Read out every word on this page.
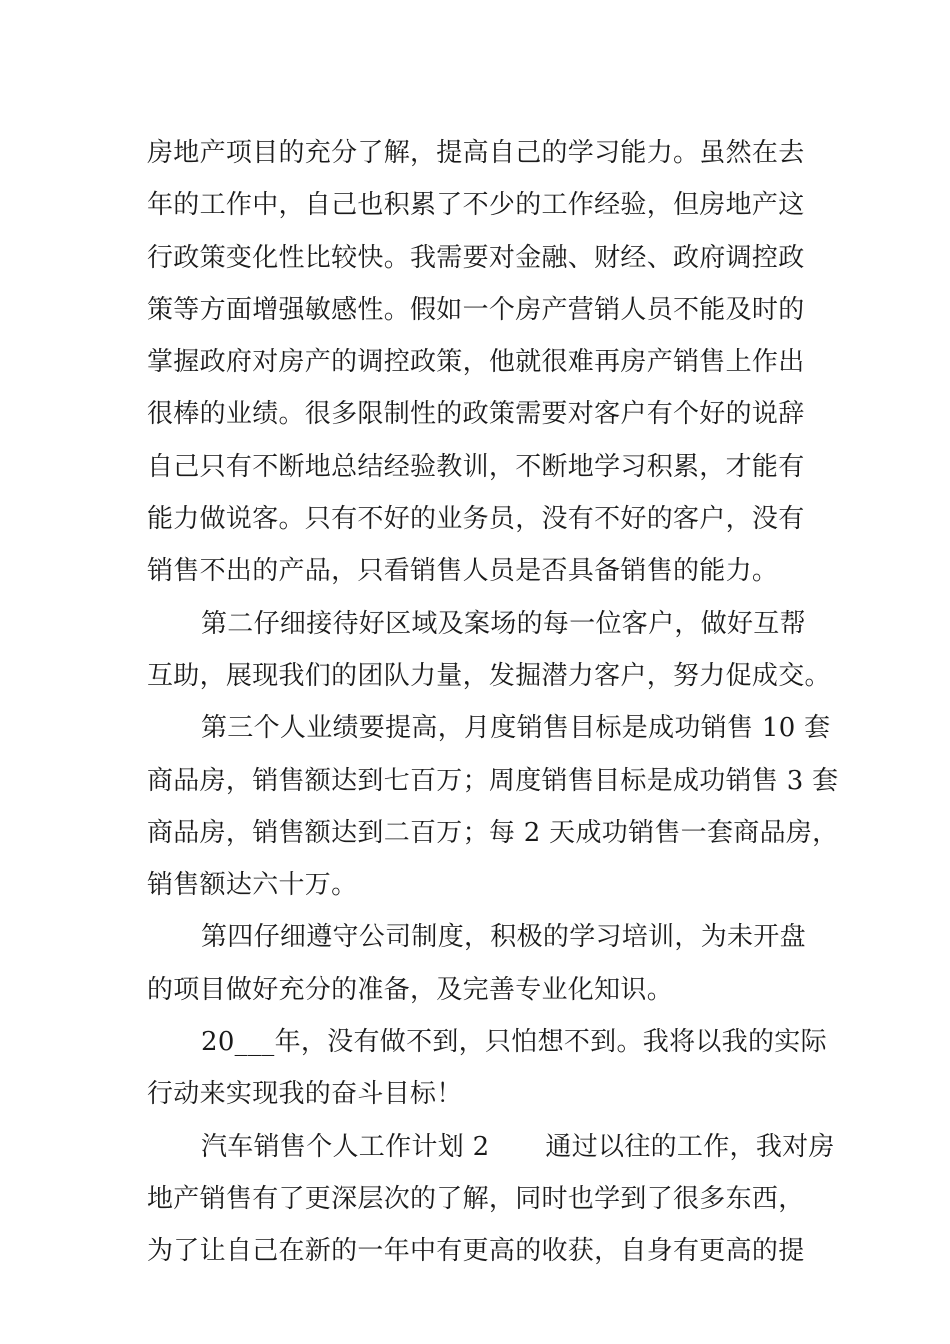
房地产项目的充分了解，提高自己的学习能力。虽然在去
年的工作中，自己也积累了不少的工作经验，但房地产这
行政策变化性比较快。我需要对金融、财经、政府调控政
策等方面增强敏感性。假如一个房产营销人员不能及时的
掌握政府对房产的调控政策，他就很难再房产销售上作出
很棒的业绩。很多限制性的政策需要对客户有个好的说辞
自己只有不断地总结经验教训，不断地学习积累，才能有
能力做说客。只有不好的业务员，没有不好的客户，没有
销售不出的产品，只看销售人员是否具备销售的能力。
第二仔细接待好区域及案场的每一位客户，做好互帮
互助，展现我们的团队力量，发掘潜力客户，努力促成交。
第三个人业绩要提高，月度销售目标是成功销售 10 套
商品房，销售额达到七百万；周度销售目标是成功销售 3 套
商品房，销售额达到二百万；每 2 天成功销售一套商品房，
销售额达六十万。
第四仔细遵守公司制度，积极的学习培训，为未开盘
的项目做好充分的准备，及完善专业化知识。
20___年，没有做不到，只怕想不到。我将以我的实际
行动来实现我的奋斗目标！
汽车销售个人工作计划 2 通过以往的工作，我对房
地产销售有了更深层次的了解，同时也学到了很多东西，
为了让自己在新的一年中有更高的收获，自身有更高的提
